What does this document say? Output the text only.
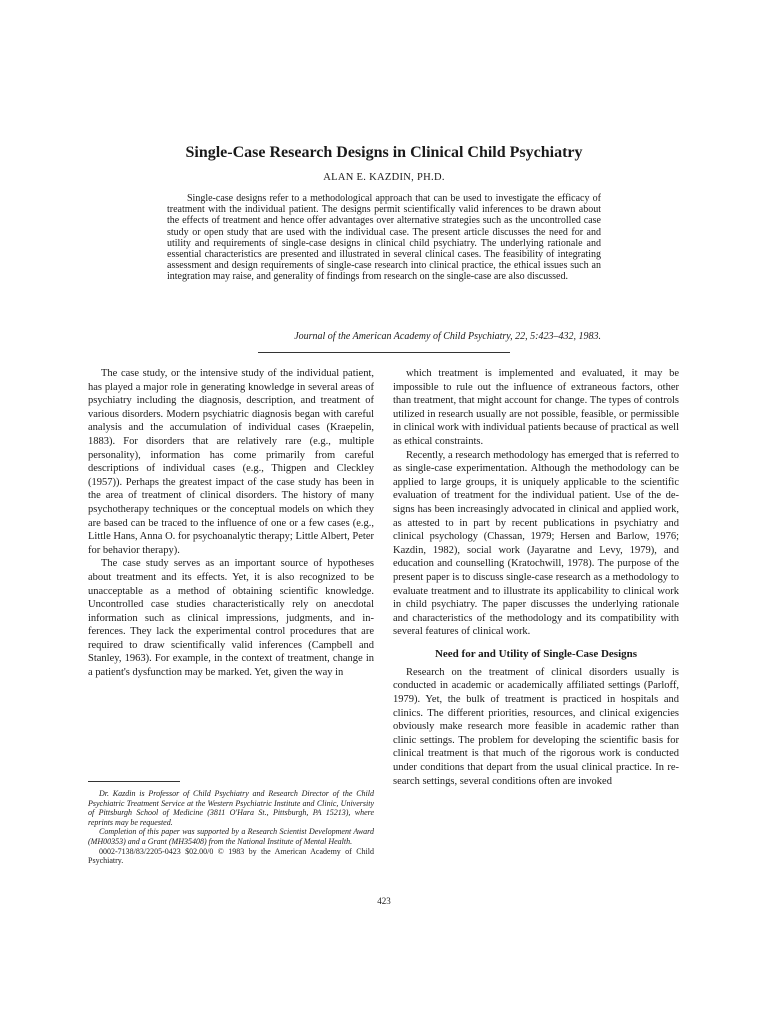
Single-Case Research Designs in Clinical Child Psychiatry
ALAN E. KAZDIN, PH.D.

Single-case designs refer to a methodological approach that can be used to investigate the efficacy of treatment with the individual patient. The designs permit scientifically valid inferences to be drawn about the effects of treatment and hence offer advantages over alternative strategies such as the uncontrolled case study or open study that are used with the individual case. The present article discusses the need for and utility and requirements of single-case designs in clinical child psychiatry. The underlying rationale and essential characteristics are presented and illustrated in several clinical cases. The feasibility of integrating assessment and design requirements of single-case research into clinical practice, the ethical issues such an integration may raise, and generality of findings from research on the single-case are also discussed.

Journal of the American Academy of Child Psychiatry, 22, 5:423–432, 1983.

The case study, or the intensive study of the individual patient, has played a major role in generating knowledge in several areas of psychiatry including the diagnosis, description, and treatment of various disorders. Modern psychiatric diagnosis began with careful analysis and the accumulation of individual cases (Kraepelin, 1883). For disorders that are relatively rare (e.g., multiple personality), information has come primarily from careful descriptions of individual cases (e.g., Thigpen and Cleckley (1957)). Perhaps the greatest impact of the case study has been in the area of treatment of clinical disorders. The history of many psychotherapy techniques or the conceptual models on which they are based can be traced to the influence of one or a few cases (e.g., Little Hans, Anna O. for psychoanalytic therapy; Little Albert, Peter for behavior therapy).

The case study serves as an important source of hypotheses about treatment and its effects. Yet, it is also recognized to be unacceptable as a method of obtaining scientific knowledge. Uncontrolled case studies characteristically rely on anecdotal information such as clinical impressions, judgments, and inferences. They lack the experimental control procedures that are required to draw scientifically valid inferences (Campbell and Stanley, 1963). For example, in the context of treatment, change in a patient's dysfunction may be marked. Yet, given the way in

which treatment is implemented and evaluated, it may be impossible to rule out the influence of extraneous factors, other than treatment, that might account for change. The types of controls utilized in research usually are not possible, feasible, or permissible in clinical work with individual patients because of practical as well as ethical constraints.

Recently, a research methodology has emerged that is referred to as single-case experimentation. Although the methodology can be applied to large groups, it is uniquely applicable to the scientific evaluation of treatment for the individual patient. Use of the designs has been increasingly advocated in clinical and applied work, as attested to in part by recent publications in psychiatry and clinical psychology (Chassan, 1979; Hersen and Barlow, 1976; Kazdin, 1982), social work (Jayaratne and Levy, 1979), and education and counselling (Kratochwill, 1978). The purpose of the present paper is to discuss single-case research as a methodology to evaluate treatment and to illustrate its applicability to clinical work in child psychiatry. The paper discusses the underlying rationale and characteristics of the methodology and its compatibility with several features of clinical work.

Need for and Utility of Single-Case Designs

Research on the treatment of clinical disorders usually is conducted in academic or academically affiliated settings (Parloff, 1979). Yet, the bulk of treatment is practiced in hospitals and clinics. The different priorities, resources, and clinical exigencies obviously make research more feasible in academic rather than clinic settings. The problem for developing the scientific basis for clinical treatment is that much of the rigorous work is conducted under conditions that depart from the usual clinical practice. In research settings, several conditions often are invoked

Dr. Kazdin is Professor of Child Psychiatry and Research Director of the Child Psychiatric Treatment Service at the Western Psychiatric Institute and Clinic, University of Pittsburgh School of Medicine (3811 O'Hara St., Pittsburgh, PA 15213), where reprints may be requested.

Completion of this paper was supported by a Research Scientist Development Award (MH00353) and a Grant (MH35408) from the National Institute of Mental Health.

0002-7138/83/2205-0423 $02.00/0 © 1983 by the American Academy of Child Psychiatry.

423
